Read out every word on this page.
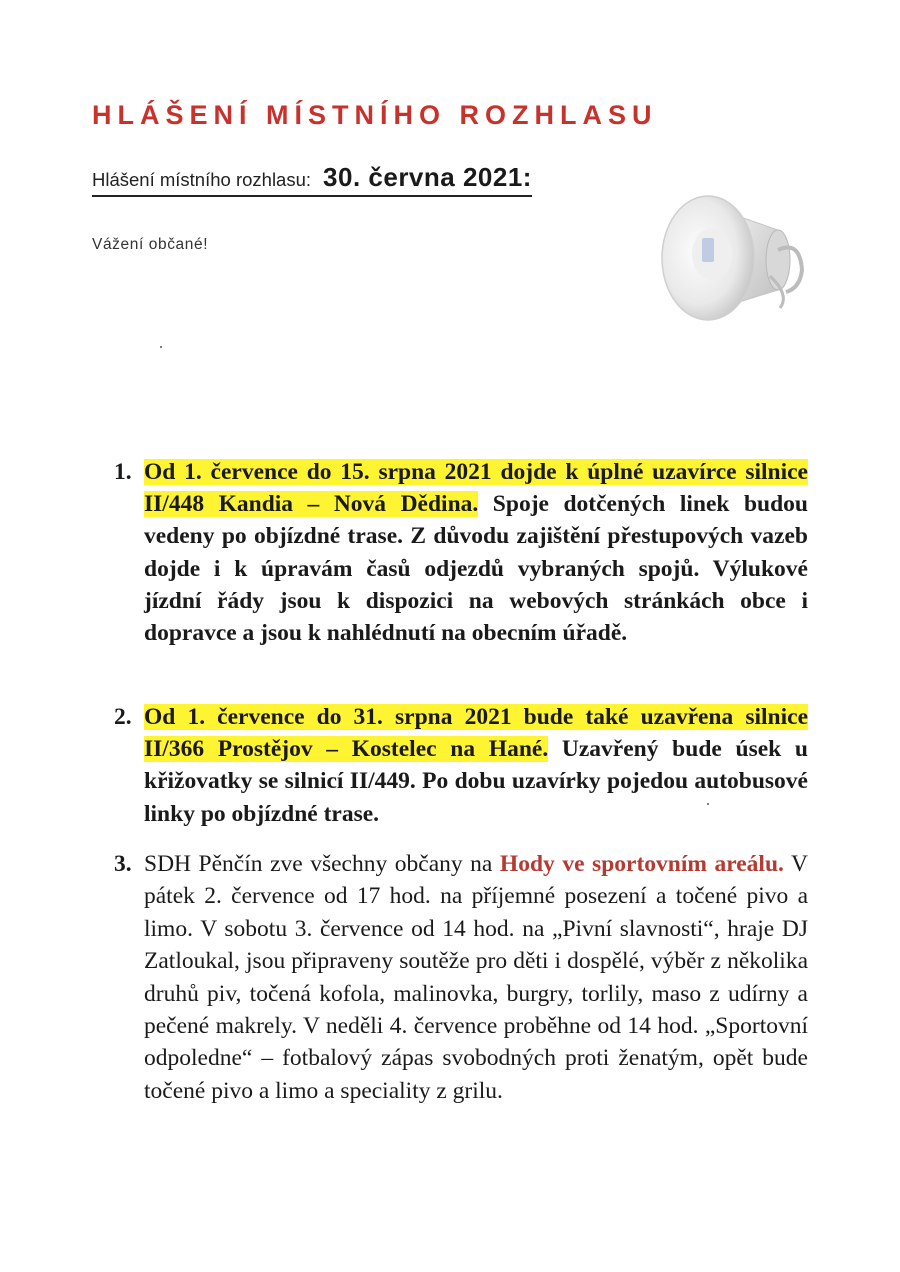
HLÁŠENÍ MÍSTNÍHO ROZHLASU
Hlášení místního rozhlasu: 30. června 2021:
Vážení občané!
1. Od 1. července do 15. srpna 2021 dojde k úplné uzavírce silnice II/448 Kandia – Nová Dědina. Spoje dotčených linek budou vedeny po objízdné trase. Z důvodu zajištění přestupových vazeb dojde i k úpravám časů odjezdů vybraných spojů. Výlukové jízdní řády jsou k dispozici na webových stránkách obce i dopravce a jsou k nahlédnutí na obecním úřadě.
2. Od 1. července do 31. srpna 2021 bude také uzavřena silnice II/366 Prostějov – Kostelec na Hané. Uzavřený bude úsek u křižovatky se silnicí II/449. Po dobu uzavírky pojedou autobusové linky po objízdné trase.
3. SDH Pěnčín zve všechny občany na Hody ve sportovním areálu. V pátek 2. července od 17 hod. na příjemné posezení a točené pivo a limo. V sobotu 3. července od 14 hod. na „Pivní slavnosti“, hraje DJ Zatloukal, jsou připraveny soutěže pro děti i dospělé, výběr z několika druhů piv, točená kofola, malinovka, burgry, torlily, maso z udírny a pečené makrely. V neděli 4. července proběhne od 14 hod. „Sportovní odpoledne“ – fotbalový zápas svobodných proti ženatým, opět bude točené pivo a limo a speciality z grilu.
